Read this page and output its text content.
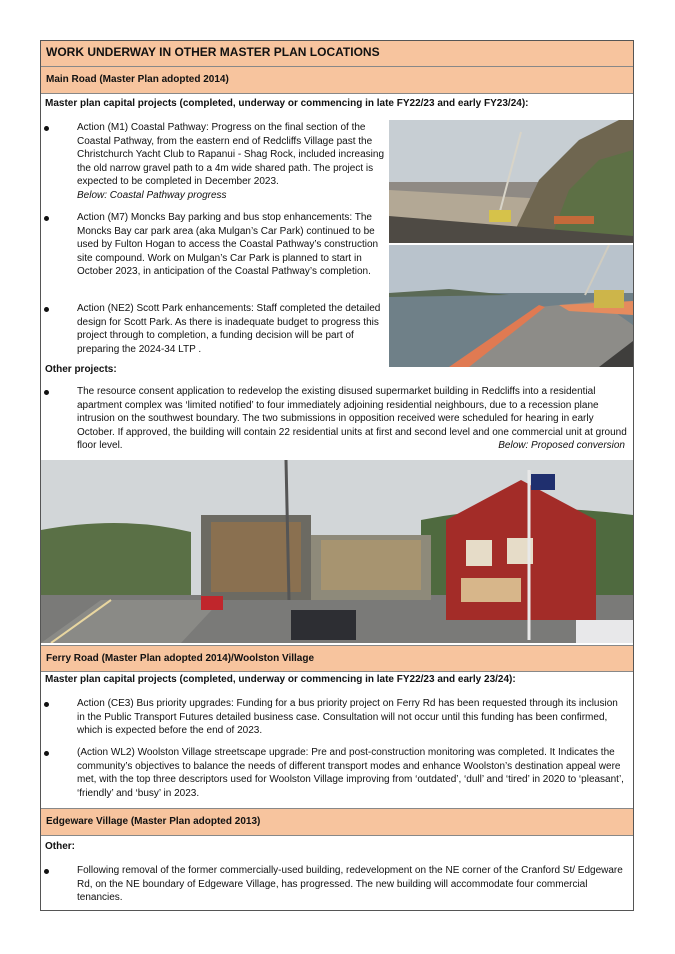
WORK UNDERWAY IN OTHER MASTER PLAN LOCATIONS
Main Road (Master Plan adopted 2014)
Master plan capital projects (completed, underway or commencing in late FY22/23 and early FY23/24):
Action (M1) Coastal Pathway: Progress on the final section of the Coastal Pathway, from the eastern end of Redcliffs Village past the Christchurch Yacht Club to Rapanui - Shag Rock, included increasing the old narrow gravel path to a 4m wide shared path. The project is expected to be completed in December 2023.
Below: Coastal Pathway progress
Action (M7) Moncks Bay parking and bus stop enhancements: The Moncks Bay car park area (aka Mulgan’s Car Park) continued to be used by Fulton Hogan to access the Coastal Pathway’s construction site compound. Work on Mulgan’s Car Park is planned to start in October 2023, in anticipation of the Coastal Pathway’s completion.
Action (NE2) Scott Park enhancements: Staff completed the detailed design for Scott Park. As there is inadequate budget to progress this project through to completion, a funding decision will be part of preparing the 2024-34 LTP .
Other projects:
The resource consent application to redevelop the existing disused supermarket building in Redcliffs into a residential apartment complex was ‘limited notified’ to four immediately adjoining residential neighbours, due to a recession plane intrusion on the southwest boundary. The two submissions in opposition received were scheduled for hearing in early October. If approved, the building will contain 22 residential units at first and second level and one commercial unit at ground floor level.	Below: Proposed conversion
Ferry Road (Master Plan adopted 2014)/Woolston Village
Master plan capital projects (completed, underway or commencing in late FY22/23 and early 23/24):
Action (CE3) Bus priority upgrades: Funding for a bus priority project on Ferry Rd has been requested through its inclusion in the Public Transport Futures detailed business case. Consultation will not occur until this funding has been confirmed, which is expected before the end of 2023.
(Action WL2) Woolston Village streetscape upgrade: Pre and post-construction monitoring was completed. It Indicates the community’s objectives to balance the needs of different transport modes and enhance Woolston’s destination appeal were met, with the top three descriptors used for Woolston Village improving from ‘outdated’, ‘dull’ and ‘tired’ in 2020 to ‘pleasant’, ‘friendly’ and ‘busy’ in 2023.
Edgeware Village (Master Plan adopted 2013)
Other:
Following removal of the former commercially-used building, redevelopment on the NE corner of the Cranford St/ Edgeware Rd, on the NE boundary of Edgeware Village, has progressed. The new building will accommodate four commercial tenancies.
